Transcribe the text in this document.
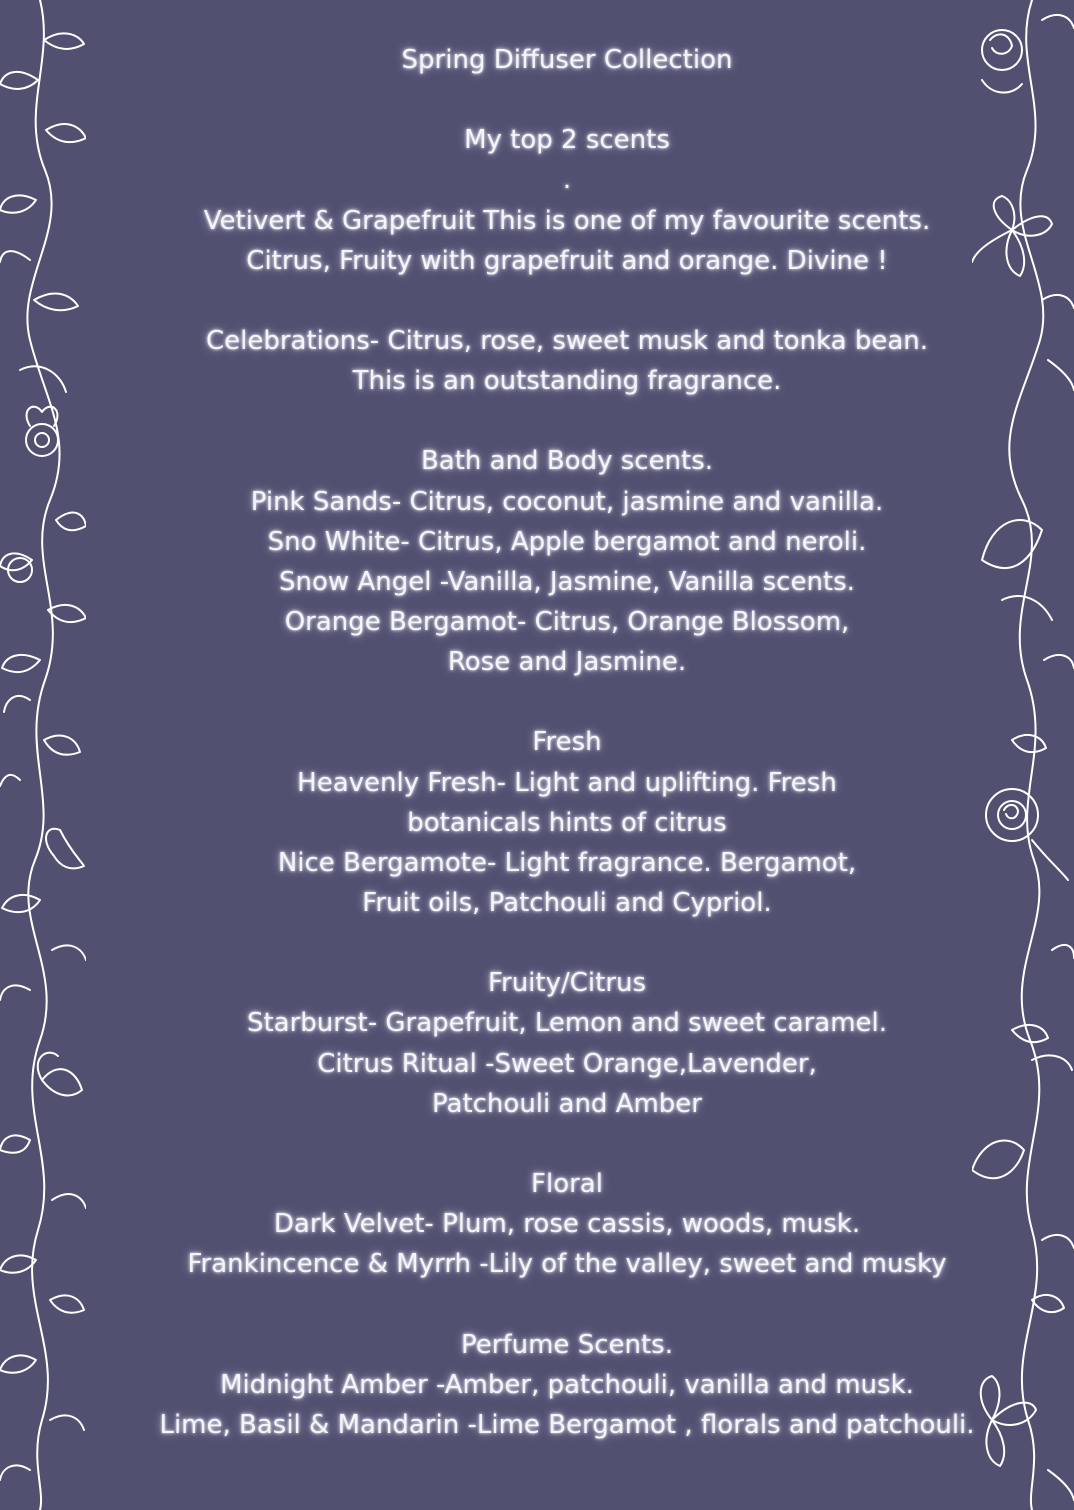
Spring Diffuser Collection
My top 2 scents
.
Vetivert & Grapefruit This is one of my favourite scents.
Citrus, Fruity with grapefruit and orange. Divine !
Celebrations- Citrus, rose, sweet musk and tonka bean.
This is an outstanding fragrance.
Bath and Body scents.
Pink Sands- Citrus, coconut, jasmine and vanilla.
Sno White- Citrus, Apple bergamot and neroli.
Snow Angel -Vanilla, Jasmine, Vanilla scents.
Orange Bergamot- Citrus, Orange Blossom,
Rose and Jasmine.
Fresh
Heavenly Fresh- Light and uplifting. Fresh
botanicals hints of citrus
Nice Bergamote- Light fragrance. Bergamot,
Fruit oils, Patchouli and Cypriol.
Fruity/Citrus
Starburst- Grapefruit, Lemon and sweet caramel.
Citrus Ritual -Sweet Orange,Lavender,
Patchouli and Amber
Floral
Dark Velvet- Plum, rose cassis, woods, musk.
Frankincence & Myrrh -Lily of the valley, sweet and musky
Perfume Scents.
Midnight Amber -Amber, patchouli, vanilla and musk.
Lime, Basil & Mandarin -Lime Bergamot , florals and patchouli.
